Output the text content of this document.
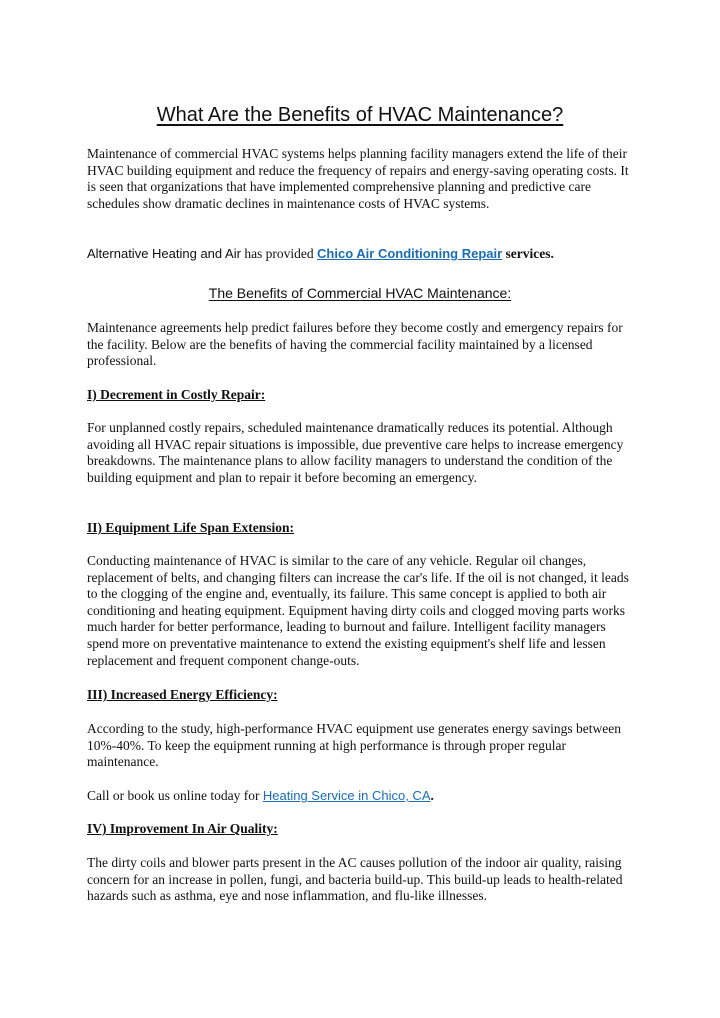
What Are the Benefits of HVAC Maintenance?

Maintenance of commercial HVAC systems helps planning facility managers extend the life of their HVAC building equipment and reduce the frequency of repairs and energy-saving operating costs. It is seen that organizations that have implemented comprehensive planning and predictive care schedules show dramatic declines in maintenance costs of HVAC systems.

Alternative Heating and Air has provided Chico Air Conditioning Repair services.

The Benefits of Commercial HVAC Maintenance:

Maintenance agreements help predict failures before they become costly and emergency repairs for the facility. Below are the benefits of having the commercial facility maintained by a licensed professional.

I) Decrement in Costly Repair:

For unplanned costly repairs, scheduled maintenance dramatically reduces its potential. Although avoiding all HVAC repair situations is impossible, due preventive care helps to increase emergency breakdowns. The maintenance plans to allow facility managers to understand the condition of the building equipment and plan to repair it before becoming an emergency.

II) Equipment Life Span Extension:

Conducting maintenance of HVAC is similar to the care of any vehicle. Regular oil changes, replacement of belts, and changing filters can increase the car's life. If the oil is not changed, it leads to the clogging of the engine and, eventually, its failure. This same concept is applied to both air conditioning and heating equipment. Equipment having dirty coils and clogged moving parts works much harder for better performance, leading to burnout and failure. Intelligent facility managers spend more on preventative maintenance to extend the existing equipment's shelf life and lessen replacement and frequent component change-outs.

III) Increased Energy Efficiency:

According to the study, high-performance HVAC equipment use generates energy savings between 10%-40%. To keep the equipment running at high performance is through proper regular maintenance.

Call or book us online today for Heating Service in Chico, CA.

IV) Improvement In Air Quality:

The dirty coils and blower parts present in the AC causes pollution of the indoor air quality, raising concern for an increase in pollen, fungi, and bacteria build-up. This build-up leads to health-related hazards such as asthma, eye and nose inflammation, and flu-like illnesses.
